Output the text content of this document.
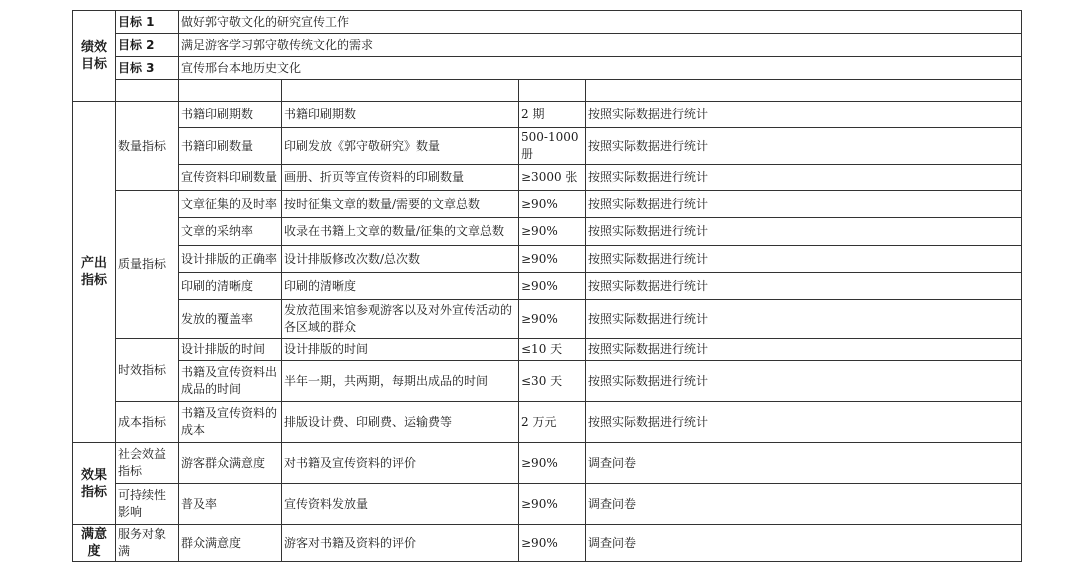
绩效目标	目标 1	做好郭守敬文化的研究宣传工作			
	目标 2	满足游客学习郭守敬传统文化的需求			
	目标 3	宣传邢台本地历史文化			

产出指标	数量指标	书籍印刷期数	书籍印刷期数	2 期	按照实际数据进行统计
		书籍印刷数量	印刷发放《郭守敬研究》数量	500-1000 册	按照实际数据进行统计
		宣传资料印刷数量	画册、折页等宣传资料的印刷数量	≥3000 张	按照实际数据进行统计
	质量指标	文章征集的及时率	按时征集文章的数量/需要的文章总数	≥90%	按照实际数据进行统计
		文章的采纳率	收录在书籍上文章的数量/征集的文章总数	≥90%	按照实际数据进行统计
		设计排版的正确率	设计排版修改次数/总次数	≥90%	按照实际数据进行统计
		印刷的清晰度	印刷的清晰度	≥90%	按照实际数据进行统计
		发放的覆盖率	发放范围来馆参观游客以及对外宣传活动的各区域的群众	≥90%	按照实际数据进行统计
	时效指标	设计排版的时间	设计排版的时间	≤10 天	按照实际数据进行统计
		书籍及宣传资料出成品的时间	半年一期，共两期，每期出成品的时间	≤30 天	按照实际数据进行统计
	成本指标	书籍及宣传资料的成本	排版设计费、印刷费、运输费等	2 万元	按照实际数据进行统计
效果指标	社会效益指标	游客群众满意度	对书籍及宣传资料的评价	≥90%	调查问卷
	可持续性影响	普及率	宣传资料发放量	≥90%	调查问卷
满意度	服务对象满	群众满意度	游客对书籍及资料的评价	≥90%	调查问卷
